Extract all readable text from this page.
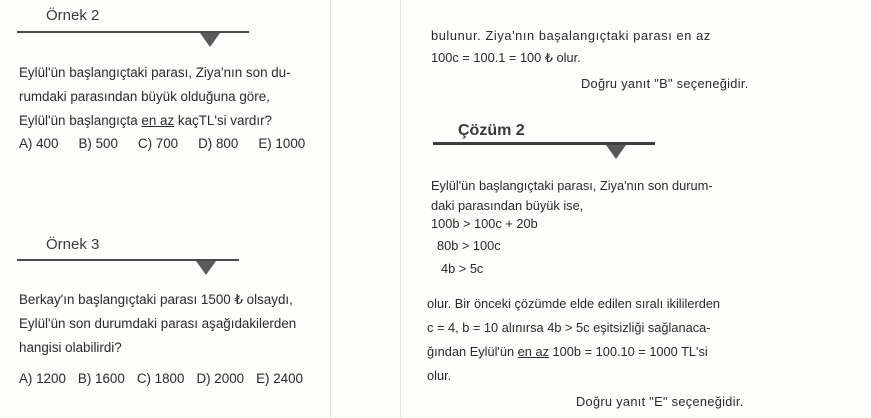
Örnek 2
Eylül'ün başlangıçtaki parası, Ziya'nın son du-
rumdaki parasından büyük olduğuna göre,
Eylül'ün başlangıçta en az kaçTL'si vardır?
A) 400 B) 500 C) 700 D) 800 E) 1000
Örnek 3
Berkay'ın başlangıçtaki parası 1500 ₺ olsaydı,
Eylül'ün son durumdaki parası aşağıdakilerden
hangisi olabilirdi?
A) 1200 B) 1600 C) 1800 D) 2000 E) 2400
bulunur. Ziya'nın başalangıçtaki parası en az
100c = 100.1 = 100 ₺ olur.
Doğru yanıt "B" seçeneğidir.
Çözüm 2
Eylül'ün başlangıçtaki parası, Ziya'nın son durum-
daki parasından büyük ise,
100b > 100c + 20b
80b > 100c
4b > 5c
olur. Bir önceki çözümde elde edilen sıralı ikililerden
c = 4, b = 10 alınırsa 4b > 5c eşitsizliği sağlanaca-
ğından Eylül'ün en az 100b = 100.10 = 1000 TL'si
olur.
Doğru yanıt "E" seçeneğidir.
